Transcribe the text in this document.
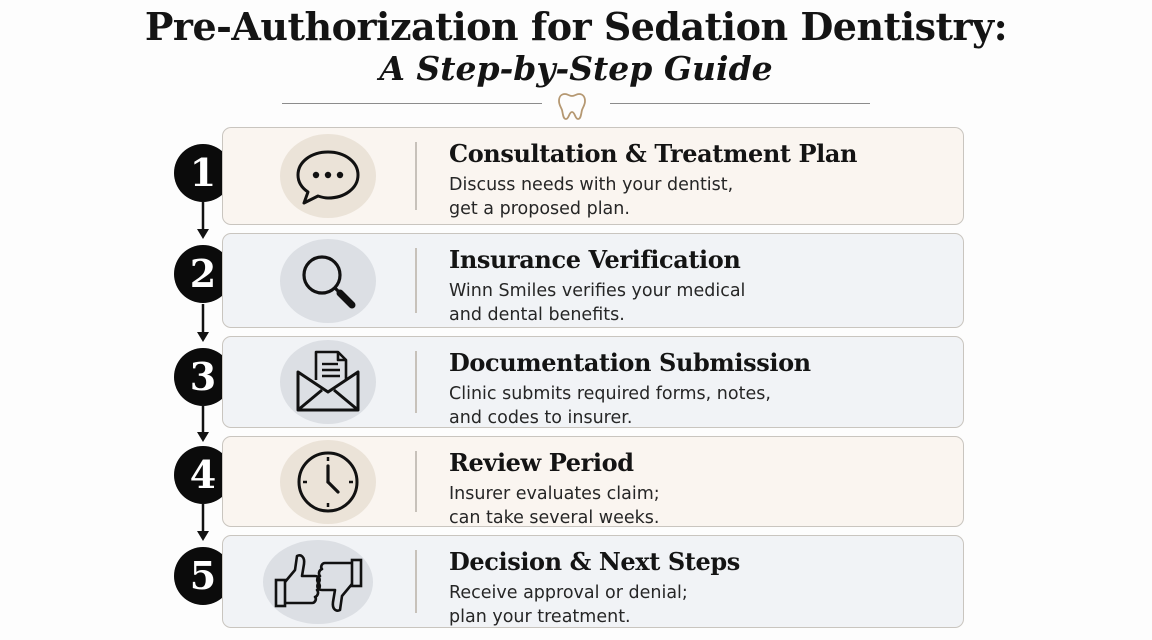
Pre-Authorization for Sedation Dentistry:
A Step-by-Step Guide
1	Consultation & Treatment Plan
Discuss needs with your dentist,
get a proposed plan.
2	Insurance Verification
Winn Smiles verifies your medical
and dental benefits.
3	Documentation Submission
Clinic submits required forms, notes,
and codes to insurer.
4	Review Period
Insurer evaluates claim;
can take several weeks.
5	Decision & Next Steps
Receive approval or denial;
plan your treatment.
